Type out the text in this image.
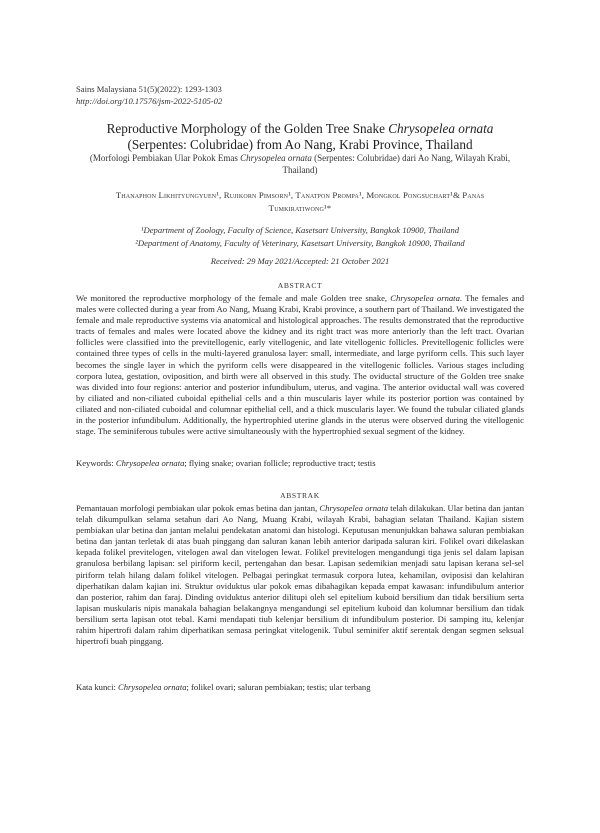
Sains Malaysiana 51(5)(2022): 1293-1303
http://doi.org/10.17576/jsm-2022-5105-02
Reproductive Morphology of the Golden Tree Snake Chrysopelea ornata
(Serpentes: Colubridae) from Ao Nang, Krabi Province, Thailand
(Morfologi Pembiakan Ular Pokok Emas Chrysopelea ornata (Serpentes: Colubridae) dari Ao Nang, Wilayah Krabi, Thailand)
Thanaphon Likhityungyuen¹, Rujikorn Pimsorn¹, Tanatpon Prompa¹, Mongkol Pongsuchart¹& Panas
Tumkiratiwong¹*
¹Department of Zoology, Faculty of Science, Kasetsart University, Bangkok 10900, Thailand
²Department of Anatomy, Faculty of Veterinary, Kasetsart University, Bangkok 10900, Thailand
Received: 29 May 2021/Accepted: 21 October 2021
ABSTRACT
We monitored the reproductive morphology of the female and male Golden tree snake, Chrysopelea ornata. The females and males were collected during a year from Ao Nang, Muang Krabi, Krabi province, a southern part of Thailand. We investigated the female and male reproductive systems via anatomical and histological approaches. The results demonstrated that the reproductive tracts of females and males were located above the kidney and its right tract was more anteriorly than the left tract. Ovarian follicles were classified into the previtellogenic, early vitellogenic, and late vitellogenic follicles. Previtellogenic follicles were contained three types of cells in the multi-layered granulosa layer: small, intermediate, and large pyriform cells. This such layer becomes the single layer in which the pyriform cells were disappeared in the vitellogenic follicles. Various stages including corpora lutea, gestation, oviposition, and birth were all observed in this study. The oviductal structure of the Golden tree snake was divided into four regions: anterior and posterior infundibulum, uterus, and vagina. The anterior oviductal wall was covered by ciliated and non-ciliated cuboidal epithelial cells and a thin muscularis layer while its posterior portion was contained by ciliated and non-ciliated cuboidal and columnar epithelial cell, and a thick muscularis layer. We found the tubular ciliated glands in the posterior infundibulum. Additionally, the hypertrophied uterine glands in the uterus were observed during the vitellogenic stage. The seminiferous tubules were active simultaneously with the hypertrophied sexual segment of the kidney.
Keywords: Chrysopelea ornata; flying snake; ovarian follicle; reproductive tract; testis
ABSTRAK
Pemantauan morfologi pembiakan ular pokok emas betina dan jantan, Chrysopelea ornata telah dilakukan. Ular betina dan jantan telah dikumpulkan selama setahun dari Ao Nang, Muang Krabi, wilayah Krabi, bahagian selatan Thailand. Kajian sistem pembiakan ular betina dan jantan melalui pendekatan anatomi dan histologi. Keputusan menunjukkan bahawa saluran pembiakan betina dan jantan terletak di atas buah pinggang dan saluran kanan lebih anterior daripada saluran kiri. Folikel ovari dikelaskan kepada folikel previtelogen, vitelogen awal dan vitelogen lewat. Folikel previtelogen mengandungi tiga jenis sel dalam lapisan granulosa berbilang lapisan: sel piriform kecil, pertengahan dan besar. Lapisan sedemikian menjadi satu lapisan kerana sel-sel piriform telah hilang dalam folikel vitelogen. Pelbagai peringkat termasuk corpora lutea, kehamilan, oviposisi dan kelahiran diperhatikan dalam kajian ini. Struktur oviduktus ular pokok emas dibahagikan kepada empat kawasan: infundibulum anterior dan posterior, rahim dan faraj. Dinding oviduktus anterior dilitupi oleh sel epitelium kuboid bersilium dan tidak bersilium serta lapisan muskularis nipis manakala bahagian belakangnya mengandungi sel epitelium kuboid dan kolumnar bersilium dan tidak bersilium serta lapisan otot tebal. Kami mendapati tiub kelenjar bersilium di infundibulum posterior. Di samping itu, kelenjar rahim hipertrofi dalam rahim diperhatikan semasa peringkat vitelogenik. Tubul seminifer aktif serentak dengan segmen seksual hipertrofi buah pinggang.
Kata kunci: Chrysopelea ornata; folikel ovari; saluran pembiakan; testis; ular terbang
